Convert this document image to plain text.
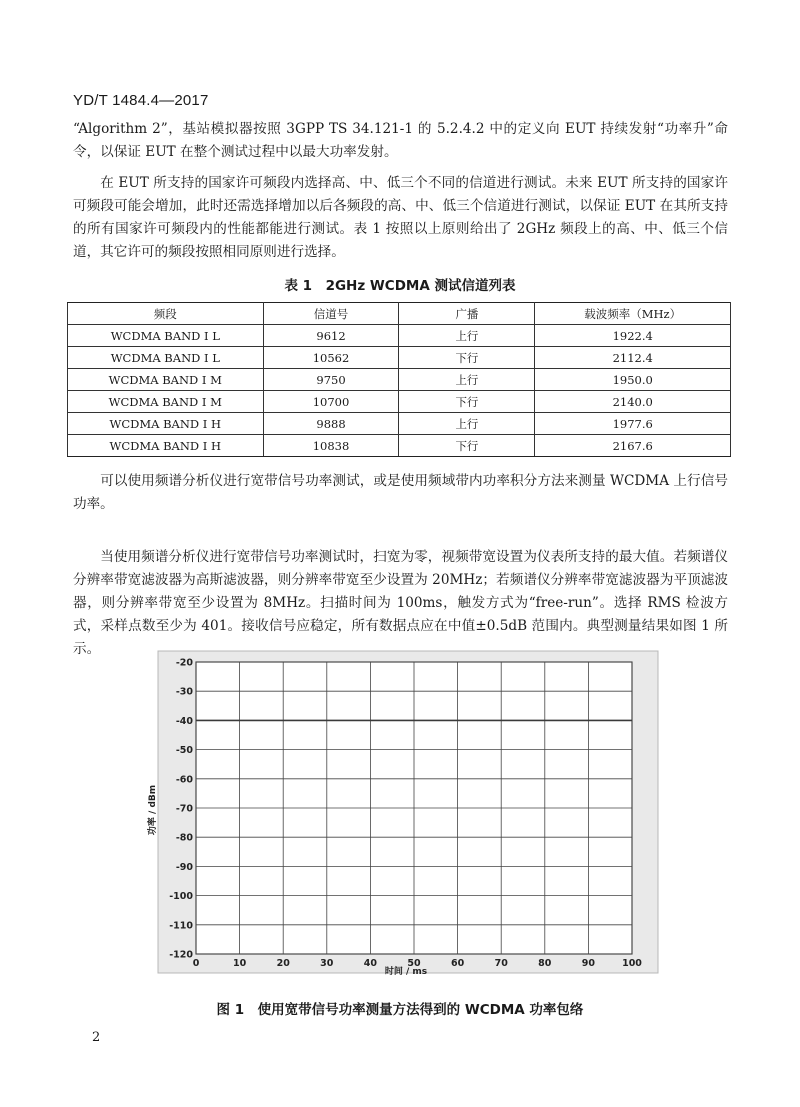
YD/T 1484.4—2017

“Algorithm 2”，基站模拟器按照 3GPP TS 34.121-1 的 5.2.4.2 中的定义向 EUT 持续发射“功率升”命令，以保证 EUT 在整个测试过程中以最大功率发射。

在 EUT 所支持的国家许可频段内选择高、中、低三个不同的信道进行测试。未来 EUT 所支持的国家许可频段可能会增加，此时还需选择增加以后各频段的高、中、低三个信道进行测试，以保证 EUT 在其所支持的所有国家许可频段内的性能都能进行测试。表 1 按照以上原则给出了 2GHz 频段上的高、中、低三个信道，其它许可的频段按照相同原则进行选择。

表 1　2GHz WCDMA 测试信道列表
频段	信道号	广播	载波频率（MHz）
WCDMA BAND I L	9612	上行	1922.4
WCDMA BAND I L	10562	下行	2112.4
WCDMA BAND I M	9750	上行	1950.0
WCDMA BAND I M	10700	下行	2140.0
WCDMA BAND I H	9888	上行	1977.6
WCDMA BAND I H	10838	下行	2167.6

可以使用频谱分析仪进行宽带信号功率测试，或是使用频域带内功率积分方法来测量 WCDMA 上行信号功率。

当使用频谱分析仪进行宽带信号功率测试时，扫宽为零，视频带宽设置为仪表所支持的最大值。若频谱仪分辨率带宽滤波器为高斯滤波器，则分辨率带宽至少设置为 20MHz；若频谱仪分辨率带宽滤波器为平顶滤波器，则分辨率带宽至少设置为 8MHz。扫描时间为 100ms，触发方式为“free-run”。选择 RMS 检波方式，采样点数至少为 401。接收信号应稳定，所有数据点应在中值±0.5dB 范围内。典型测量结果如图 1 所示。

-20
-30
-40
-50
-60
-70
-80
-90
-100
-110
-120
0	10	20	30	40	50	60	70	80	90	100
功率 / dBm
时间 / ms
图 1　使用宽带信号功率测量方法得到的 WCDMA 功率包络
2
